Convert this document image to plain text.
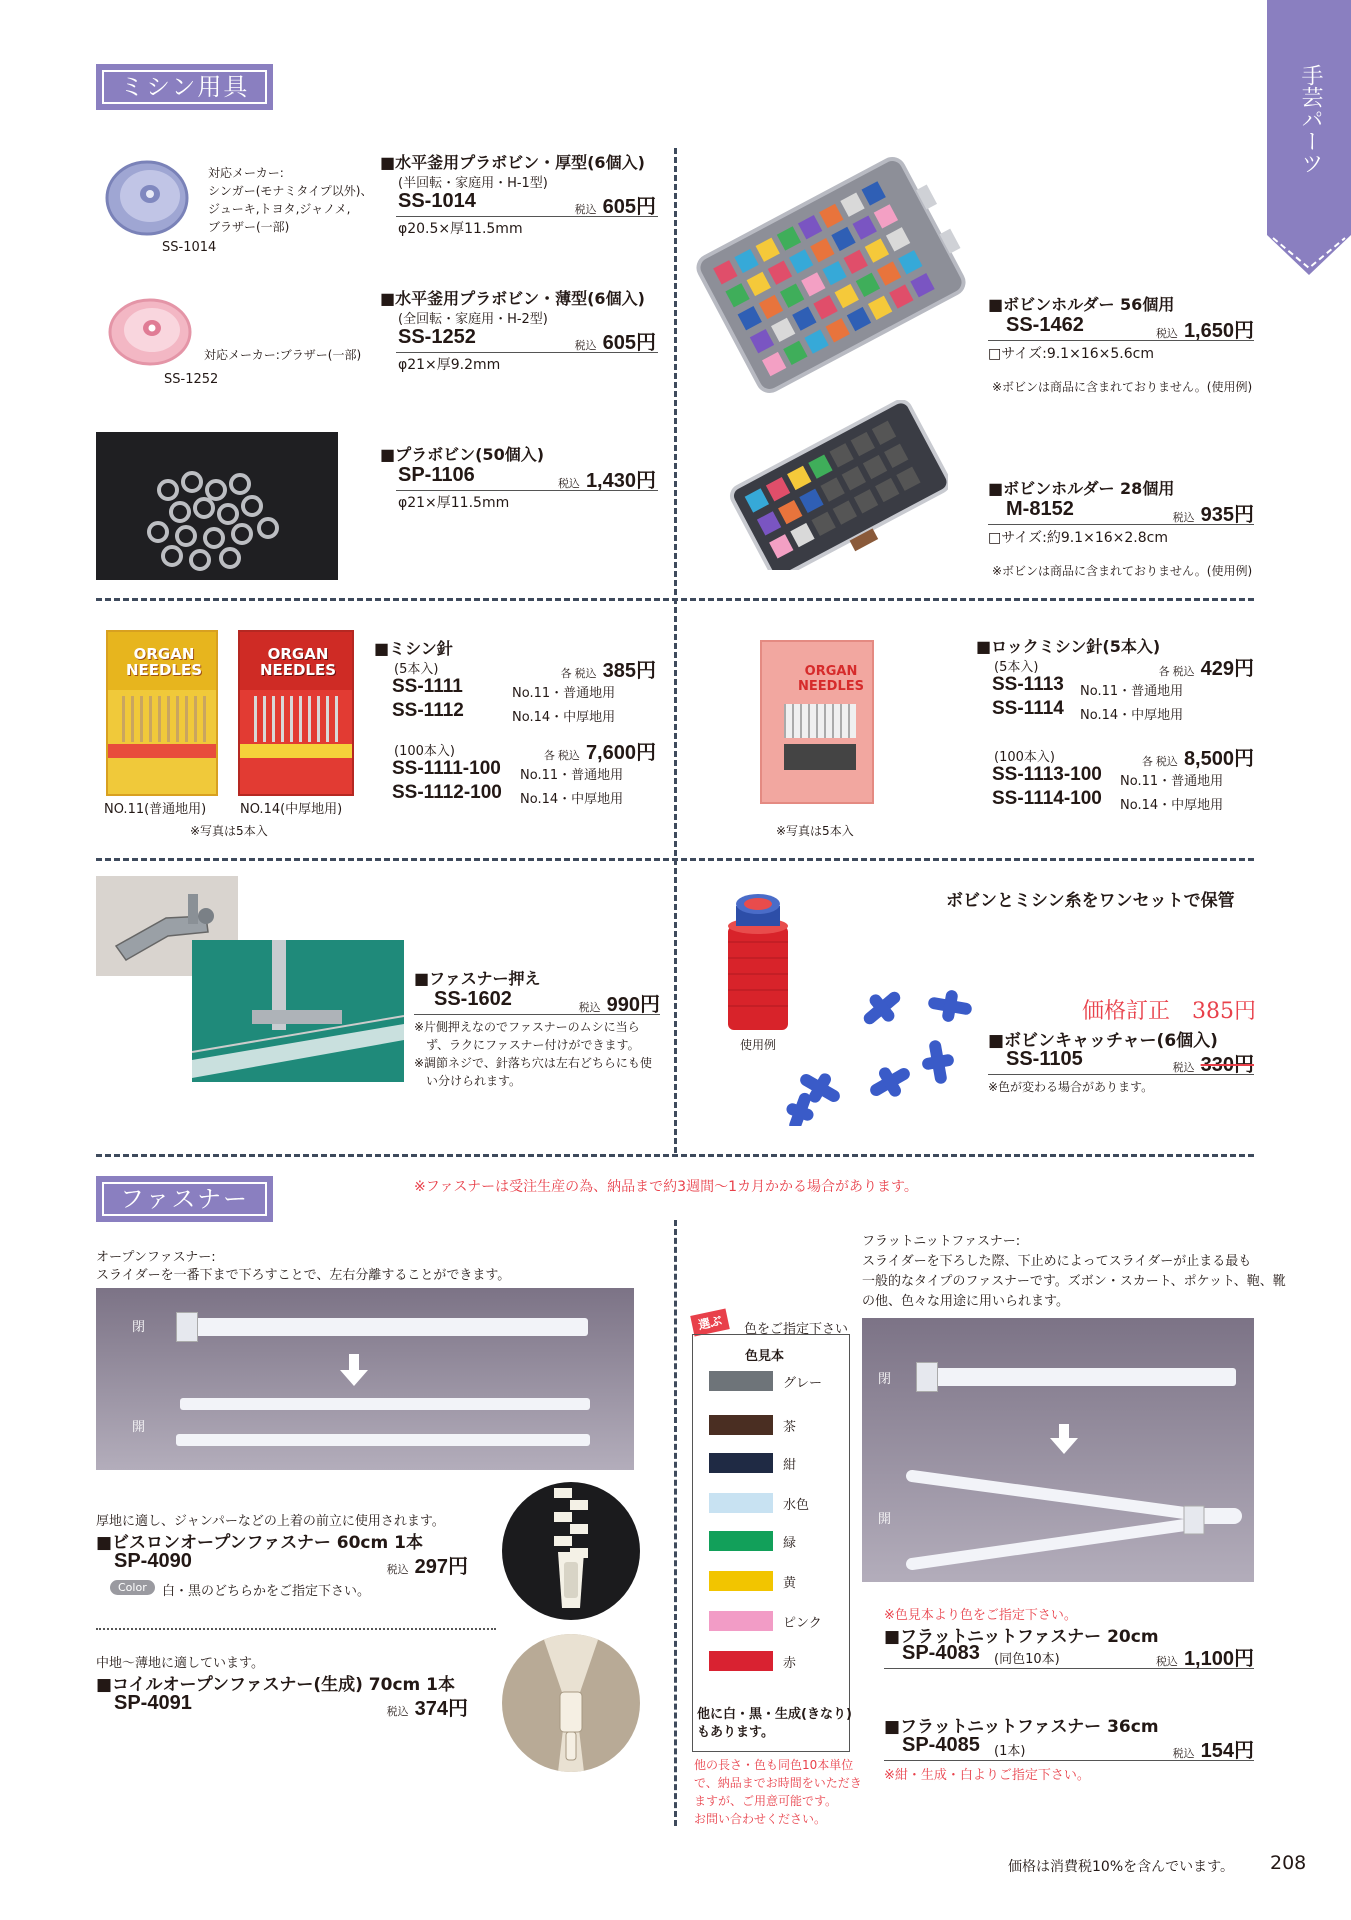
手芸パーツ
ミシン用具
対応メーカー:
シンガー(モナミタイプ以外)、
ジューキ,トヨタ,ジャノメ,
ブラザー(一部)
SS-1014
■水平釜用プラボビン・厚型(6個入)
(半回転・家庭用・H-1型)
SS-1014	税込 605円
φ20.5×厚11.5mm
対応メーカー:ブラザー(一部)
SS-1252
■水平釜用プラボビン・薄型(6個入)
(全回転・家庭用・H-2型)
SS-1252	税込 605円
φ21×厚9.2mm
■プラボビン(50個入)
SP-1106	税込 1,430円
φ21×厚11.5mm
■ボビンホルダー 56個用
SS-1462	税込 1,650円
□サイズ:9.1×16×5.6cm
※ボビンは商品に含まれておりません。(使用例)
■ボビンホルダー 28個用
M-8152	税込 935円
□サイズ:約9.1×16×2.8cm
※ボビンは商品に含まれておりません。(使用例)
ORGAN NEEDLES
ORGAN NEEDLES
NO.11(普通地用)	NO.14(中厚地用)
※写真は5本入
■ミシン針
(5本入)	各 税込 385円
SS-1111	No.11・普通地用
SS-1112	No.14・中厚地用
(100本入)	各 税込 7,600円
SS-1111-100 No.11・普通地用
SS-1112-100 No.14・中厚地用
ORGAN NEEDLES
※写真は5本入
■ロックミシン針(5本入)
(5本入)	各 税込 429円
SS-1113 No.11・普通地用
SS-1114 No.14・中厚地用
(100本入)	各 税込 8,500円
SS-1113-100 No.11・普通地用
SS-1114-100 No.14・中厚地用
■ファスナー押え
SS-1602	税込 990円
※片側押えなのでファスナーのムシに当ら
ず、ラクにファスナー付けができます。
※調節ネジで、針落ち穴は左右どちらにも使
い分けられます。
使用例
ボビンとミシン糸をワンセットで保管
価格訂正　385円
■ボビンキャッチャー(6個入)
SS-1105	税込 330円
※色が変わる場合があります。
ファスナー	※ファスナーは受注生産の為、納品まで約3週間～1カ月かかる場合があります。
オープンファスナー:
スライダーを一番下まで下ろすことで、左右分離することができます。
閉
開
厚地に適し、ジャンパーなどの上着の前立に使用されます。
■ビスロンオープンファスナー 60cm 1本
SP-4090	税込 297円
Color	白・黒のどちらかをご指定下さい。
中地～薄地に適しています。
■コイルオープンファスナー(生成) 70cm 1本
SP-4091	税込 374円
選ぶ	色をご指定下さい
色見本
グレー
茶
紺
水色
緑
黄
ピンク
赤
他に白・黒・生成(きなり)
もあります。
他の長さ・色も同色10本単位
で、納品までお時間をいただき
ますが、ご用意可能です。
お問い合わせください。
フラットニットファスナー:
スライダーを下ろした際、下止めによってスライダーが止まる最も
一般的なタイプのファスナーです。ズボン・スカート、ポケット、鞄、靴
の他、色々な用途に用いられます。
閉
開
※色見本より色をご指定下さい。
■フラットニットファスナー 20cm
SP-4083 (同色10本)	税込 1,100円
■フラットニットファスナー 36cm
SP-4085 (1本)	税込 154円
※紺・生成・白よりご指定下さい。
価格は消費税10%を含んでいます。 208
